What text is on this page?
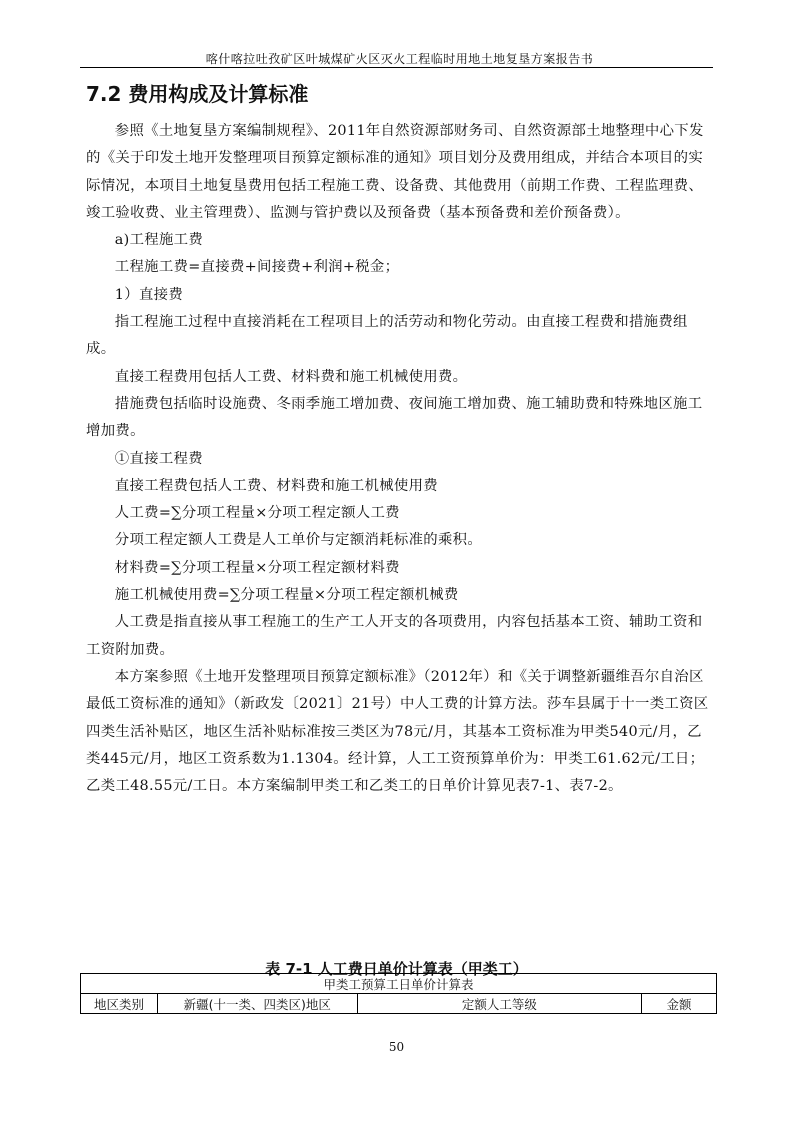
喀什喀拉吐孜矿区叶城煤矿火区灭火工程临时用地土地复垦方案报告书
7.2 费用构成及计算标准

参照《土地复垦方案编制规程》、2011年自然资源部财务司、自然资源部土地整理中心下发的《关于印发土地开发整理项目预算定额标准的通知》项目划分及费用组成，并结合本项目的实际情况，本项目土地复垦费用包括工程施工费、设备费、其他费用（前期工作费、工程监理费、竣工验收费、业主管理费）、监测与管护费以及预备费（基本预备费和差价预备费）。

a)工程施工费

工程施工费=直接费+间接费+利润+税金；

1）直接费

指工程施工过程中直接消耗在工程项目上的活劳动和物化劳动。由直接工程费和措施费组成。

直接工程费用包括人工费、材料费和施工机械使用费。

措施费包括临时设施费、冬雨季施工增加费、夜间施工增加费、施工辅助费和特殊地区施工增加费。

①直接工程费

直接工程费包括人工费、材料费和施工机械使用费

人工费=∑分项工程量×分项工程定额人工费

分项工程定额人工费是人工单价与定额消耗标准的乘积。

材料费=∑分项工程量×分项工程定额材料费

施工机械使用费=∑分项工程量×分项工程定额机械费

人工费是指直接从事工程施工的生产工人开支的各项费用，内容包括基本工资、辅助工资和工资附加费。

本方案参照《土地开发整理项目预算定额标准》（2012年）和《关于调整新疆维吾尔自治区最低工资标准的通知》（新政发〔2021〕21号）中人工费的计算方法。莎车县属于十一类工资区四类生活补贴区，地区生活补贴标准按三类区为78元/月，其基本工资标准为甲类540元/月，乙类445元/月，地区工资系数为1.1304。经计算，人工工资预算单价为：甲类工61.62元/工日；乙类工48.55元/工日。本方案编制甲类工和乙类工的日单价计算见表7-1、表7-2。

表 7-1 人工费日单价计算表（甲类工）
甲类工预算工日单价计算表
地区类别	新疆(十一类、四类区)地区	定额人工等级	金额
50
